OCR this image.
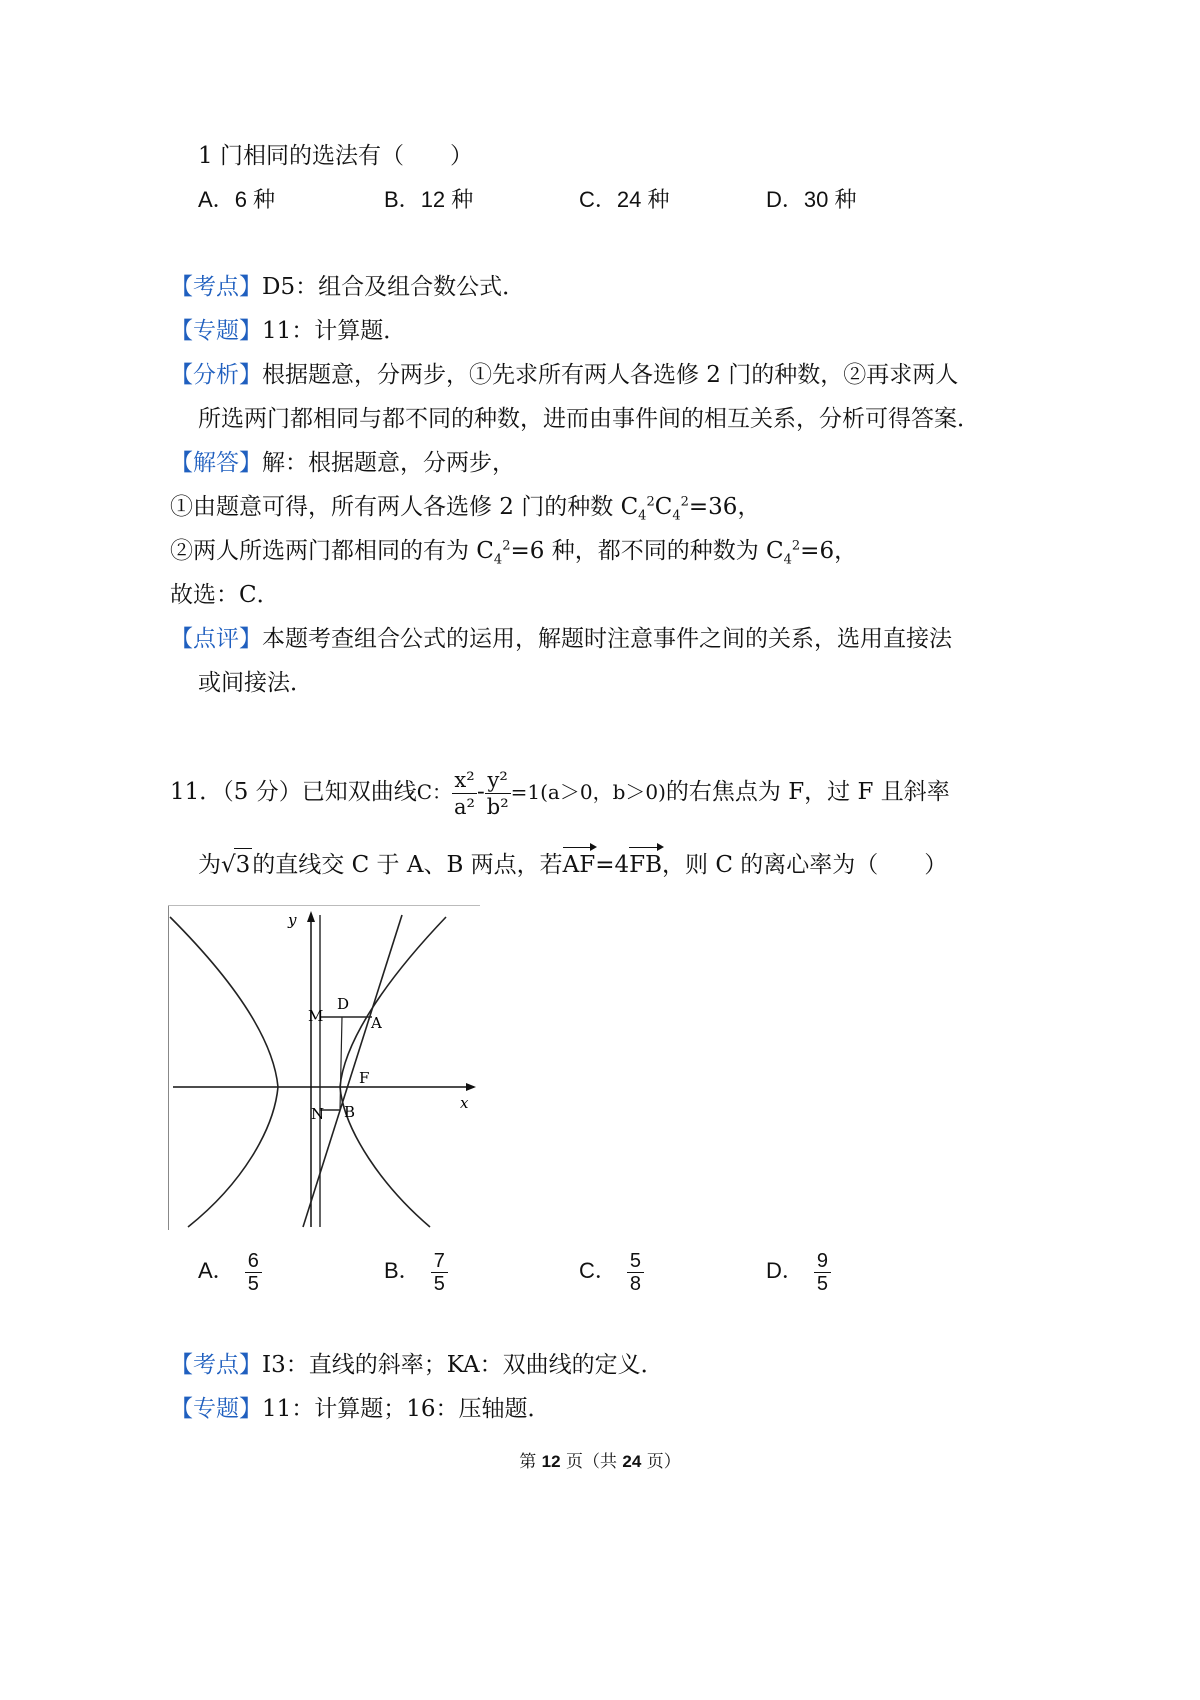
1 门相同的选法有（　　）
A．6 种	B．12 种	C．24 种	D．30 种
【考点】D5：组合及组合数公式．
【专题】11：计算题．
【分析】根据题意，分两步，①先求所有两人各选修 2 门的种数，②再求两人
所选两门都相同与都不同的种数，进而由事件间的相互关系，分析可得答案．
【解答】解：根据题意，分两步，
①由题意可得，所有两人各选修 2 门的种数 $C_4^2C_4^2=36$，
②两人所选两门都相同的有为 $C_4^2=6$ 种，都不同的种数为 $C_4^2=6$，
故选：C．
【点评】本题考查组合公式的运用，解题时注意事件之间的关系，选用直接法
或间接法．
11．（5 分）已知双曲线C： $\frac{\text{x²}}{\text{a²}} - \frac{\text{y²}}{\text{b²}} =1(a>0$，b＞0)的右焦点为 F，过 F 且斜率
为√3的直线交 C 于 A、B 两点，若AF=4FB，则 C 的离心率为（　　）
y
x
M
D
A
F
N B
A． $\frac{6}{5}$	B． $\frac{7}{5}$	C． $\frac{5}{8}$	D． $\frac{9}{5}$
【考点】I3：直线的斜率；KA：双曲线的定义．
【专题】11：计算题；16：压轴题．
第 12 页（共 24 页）
